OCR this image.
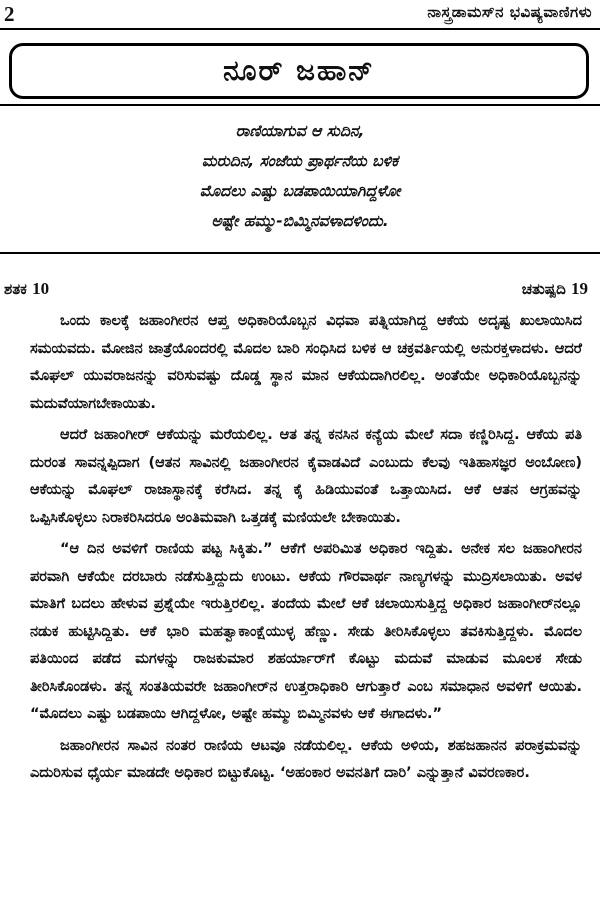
2	ನಾಸ್ತ್ರಡಾಮಸ್‌ನ ಭವಿಷ್ಯವಾಣಿಗಳು
ನೂರ್ ಜಹಾನ್
ರಾಣಿಯಾಗುವ ಆ ಸುದಿನ,
ಮರುದಿನ, ಸಂಜೆಯ ಪ್ರಾರ್ಥನೆಯ ಬಳಿಕ
ಮೊದಲು ಎಷ್ಟು ಬಡಪಾಯಿಯಾಗಿದ್ದಳೋ
ಅಷ್ಟೇ ಹಮ್ಮು-ಬಿಮ್ಮಿನವಳಾದಳಿಂದು.
ಶತಕ 10	ಚತುಷ್ಪದಿ 19

ಒಂದು ಕಾಲಕ್ಕೆ ಜಹಾಂಗೀರನ ಆಪ್ತ ಅಧಿಕಾರಿಯೊಬ್ಬನ ವಿಧವಾ ಪತ್ನಿಯಾಗಿದ್ದ ಆಕೆಯ ಅದೃಷ್ಟ ಖುಲಾಯಿಸಿದ ಸಮಯವದು. ಮೋಜಿನ ಜಾತ್ರೆಯೊಂದರಲ್ಲಿ ಮೊದಲ ಬಾರಿ ಸಂಧಿಸಿದ ಬಳಿಕ ಆ ಚಕ್ರವರ್ತಿಯಲ್ಲಿ ಅನುರಕ್ತಳಾದಳು. ಆದರೆ ಮೊಘಲ್ ಯುವರಾಜನನ್ನು ವರಿಸುವಷ್ಟು ದೊಡ್ಡ ಸ್ಥಾನ ಮಾನ ಆಕೆಯದಾಗಿರಲಿಲ್ಲ. ಅಂತೆಯೇ ಅಧಿಕಾರಿಯೊಬ್ಬನನ್ನು ಮದುವೆಯಾಗಬೇಕಾಯಿತು.

ಆದರೆ ಜಹಾಂಗೀರ್ ಆಕೆಯನ್ನು ಮರೆಯಲಿಲ್ಲ. ಆತ ತನ್ನ ಕನಸಿನ ಕನ್ಯೆಯ ಮೇಲೆ ಸದಾ ಕಣ್ಣಿರಿಸಿದ್ದ. ಆಕೆಯ ಪತಿ ದುರಂತ ಸಾವನ್ನಪ್ಪಿದಾಗ (ಆತನ ಸಾವಿನಲ್ಲಿ ಜಹಾಂಗೀರನ ಕೈವಾಡವಿದೆ ಎಂಬುದು ಕೆಲವು ಇತಿಹಾಸಜ್ಞರ ಅಂಬೋಣ) ಆಕೆಯನ್ನು ಮೊಘಲ್ ರಾಜಾಸ್ಥಾನಕ್ಕೆ ಕರೆಸಿದ. ತನ್ನ ಕೈ ಹಿಡಿಯುವಂತೆ ಒತ್ತಾಯಿಸಿದ. ಆಕೆ ಆತನ ಆಗ್ರಹವನ್ನು ಒಪ್ಪಿಸಿಕೊಳ್ಳಲು ನಿರಾಕರಿಸಿದರೂ ಅಂತಿಮವಾಗಿ ಒತ್ತಡಕ್ಕೆ ಮಣಿಯಲೇ ಬೇಕಾಯಿತು.

“ಆ ದಿನ ಅವಳಿಗೆ ರಾಣಿಯ ಪಟ್ಟ ಸಿಕ್ಕಿತು.” ಆಕೆಗೆ ಅಪರಿಮಿತ ಅಧಿಕಾರ ಇದ್ದಿತು. ಅನೇಕ ಸಲ ಜಹಾಂಗೀರನ ಪರವಾಗಿ ಆಕೆಯೇ ದರಬಾರು ನಡೆಸುತ್ತಿದ್ದುದು ಉಂಟು. ಆಕೆಯ ಗೌರವಾರ್ಥ ನಾಣ್ಯಗಳನ್ನು ಮುದ್ರಿಸಲಾಯಿತು. ಅವಳ ಮಾತಿಗೆ ಬದಲು ಹೇಳುವ ಪ್ರಶ್ನೆಯೇ ಇರುತ್ತಿರಲಿಲ್ಲ. ತಂದೆಯ ಮೇಲೆ ಆಕೆ ಚಲಾಯಿಸುತ್ತಿದ್ದ ಅಧಿಕಾರ ಜಹಾಂಗೀರ್‌ನಲ್ಲೂ ನಡುಕ ಹುಟ್ಟಿಸಿದ್ದಿತು. ಆಕೆ ಭಾರಿ ಮಹತ್ವಾಕಾಂಕ್ಷೆಯುಳ್ಳ ಹೆಣ್ಣು. ಸೇಡು ತೀರಿಸಿಕೊಳ್ಳಲು ತವಕಿಸುತ್ತಿದ್ದಳು. ಮೊದಲ ಪತಿಯಿಂದ ಪಡೆದ ಮಗಳನ್ನು ರಾಜಕುಮಾರ ಶಹರ್ಯಾರ್‌ಗೆ ಕೊಟ್ಟು ಮದುವೆ ಮಾಡುವ ಮೂಲಕ ಸೇಡು ತೀರಿಸಿಕೊಂಡಳು. ತನ್ನ ಸಂತತಿಯವರೇ ಜಹಾಂಗೀರ್‌ನ ಉತ್ತರಾಧಿಕಾರಿ ಆಗುತ್ತಾರೆ ಎಂಬ ಸಮಾಧಾನ ಅವಳಿಗೆ ಆಯಿತು. “ಮೊದಲು ಎಷ್ಟು ಬಡಪಾಯಿ ಆಗಿದ್ದಳೋ, ಅಷ್ಟೇ ಹಮ್ಮು ಬಿಮ್ಮಿನವಳು ಆಕೆ ಈಗಾದಳು.”

ಜಹಾಂಗೀರನ ಸಾವಿನ ನಂತರ ರಾಣಿಯ ಆಟವೂ ನಡೆಯಲಿಲ್ಲ. ಆಕೆಯ ಅಳಿಯ, ಶಹಜಹಾನನ ಪರಾಕ್ರಮವನ್ನು ಎದುರಿಸುವ ಧೈರ್ಯ ಮಾಡದೇ ಅಧಿಕಾರ ಬಿಟ್ಟುಕೊಟ್ಟ. ‘ಅಹಂಕಾರ ಅವನತಿಗೆ ದಾರಿ’ ಎನ್ನುತ್ತಾನೆ ವಿವರಣಕಾರ.
